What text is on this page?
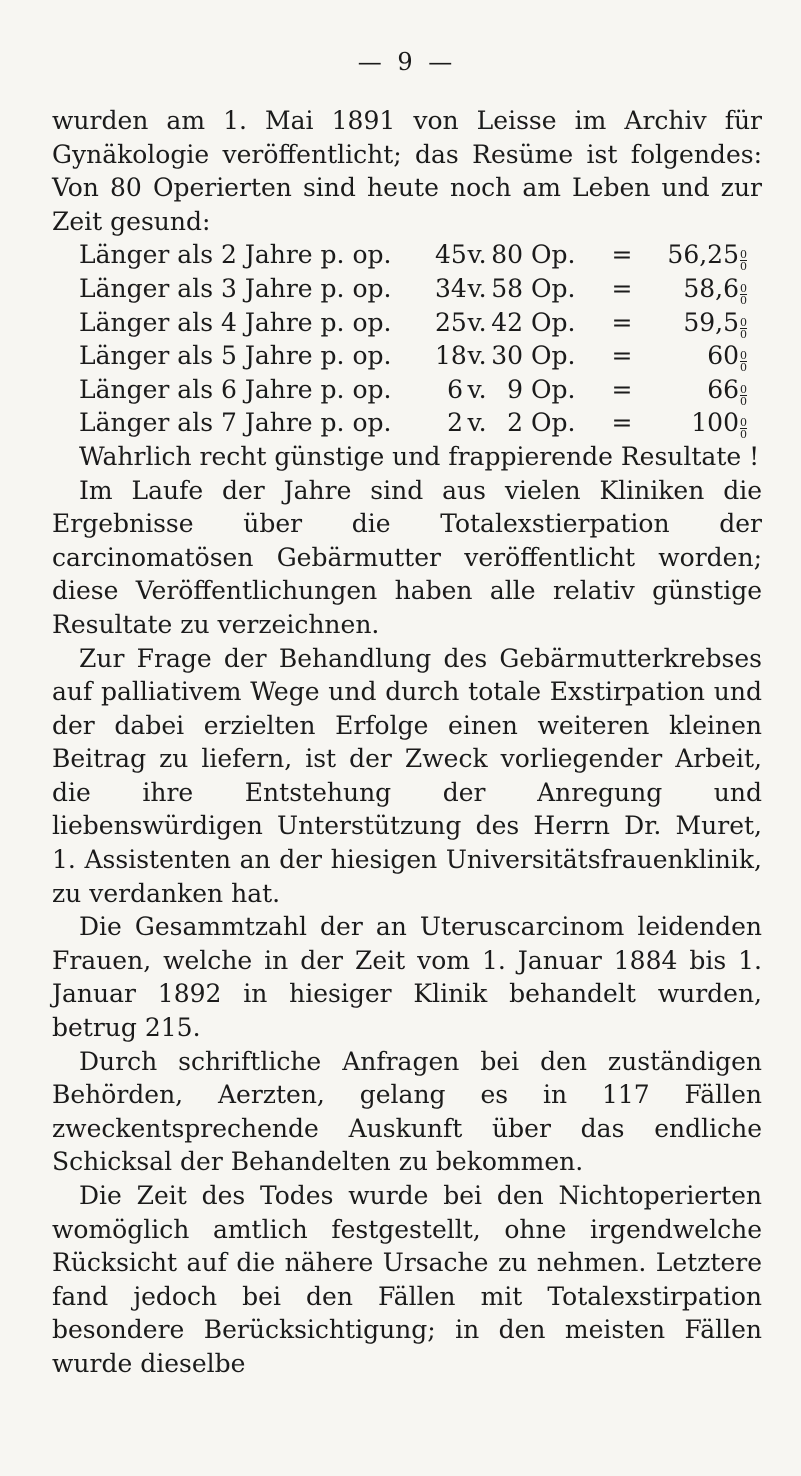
— 9 —

wurden am 1. Mai 1891 von Leisse im Archiv für Gynäkologie veröffentlicht; das Resüme ist folgendes: Von 80 Operierten sind heute noch am Leben und zur Zeit gesund:

Länger als 2 Jahre p. op.	45 v. 80 Op.	=	$56,25 \frac{0}{0}$
Länger als 3 Jahre p. op.	34 v. 58 Op.	=	$58,6 \frac{0}{0}$
Länger als 4 Jahre p. op.	25 v. 42 Op.	=	$59,5 \frac{0}{0}$
Länger als 5 Jahre p. op.	18 v. 30 Op.	=	$60 \frac{0}{0}$
Länger als 6 Jahre p. op.	6 v. 9 Op.	=	$66 \frac{0}{0}$
Länger als 7 Jahre p. op.	2 v. 2 Op.	=	$100 \frac{0}{0}$

Wahrlich recht günstige und frappierende Resultate !

Im Laufe der Jahre sind aus vielen Kliniken die Ergebnisse über die Totalexstierpation der carcinomatösen Gebärmutter veröffentlicht worden; diese Veröffentlichungen haben alle relativ günstige Resultate zu verzeichnen.

Zur Frage der Behandlung des Gebärmutterkrebses auf palliativem Wege und durch totale Exstirpation und der dabei erzielten Erfolge einen weiteren kleinen Beitrag zu liefern, ist der Zweck vorliegender Arbeit, die ihre Entstehung der Anregung und liebenswürdigen Unterstützung des Herrn Dr. Muret, 1. Assistenten an der hiesigen Universitätsfrauenklinik, zu verdanken hat.

Die Gesammtzahl der an Uteruscarcinom leidenden Frauen, welche in der Zeit vom 1. Januar 1884 bis 1. Januar 1892 in hiesiger Klinik behandelt wurden, betrug 215.

Durch schriftliche Anfragen bei den zuständigen Behörden, Aerzten, gelang es in 117 Fällen zweckentsprechende Auskunft über das endliche Schicksal der Behandelten zu bekommen.

Die Zeit des Todes wurde bei den Nichtoperierten womöglich amtlich festgestellt, ohne irgendwelche Rücksicht auf die nähere Ursache zu nehmen. Letztere fand jedoch bei den Fällen mit Totalexstirpation besondere Berücksichtigung; in den meisten Fällen wurde dieselbe
